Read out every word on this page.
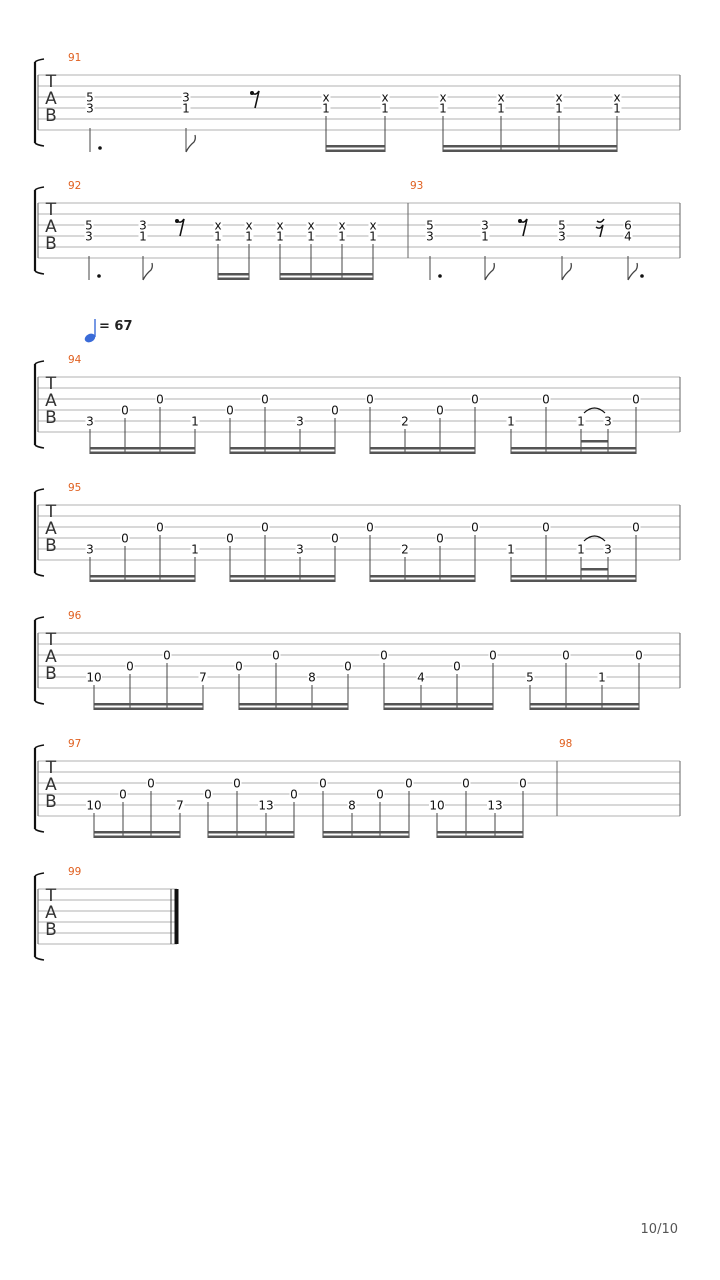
= 67
T
A
B
91
5
3
3
1
x
1
x
1
x
1
x
1
x
1
x
1
T
A
B
92
5
3
3
1
x
1
x
1
x
1
x
1
x
1
x
1
93
5
3
3
1
5
3
6
4
T
A
B
94
3
0
0
1
0
0
3
0
0
2
0
0
1
0
1 3
0
T
A
B
95
3
0
0
1
0
0
3
0
0
2
0
0
1
0
1 3
0
T
A
B
96
10
0
0
7
0
0
8
0
0
4
0
0
5
0
1
0
T
A
B
97
10
0
0
7
0
0
13
0
0
8
0
0
10
0
13
0
98
T
A
B
99
10/10
